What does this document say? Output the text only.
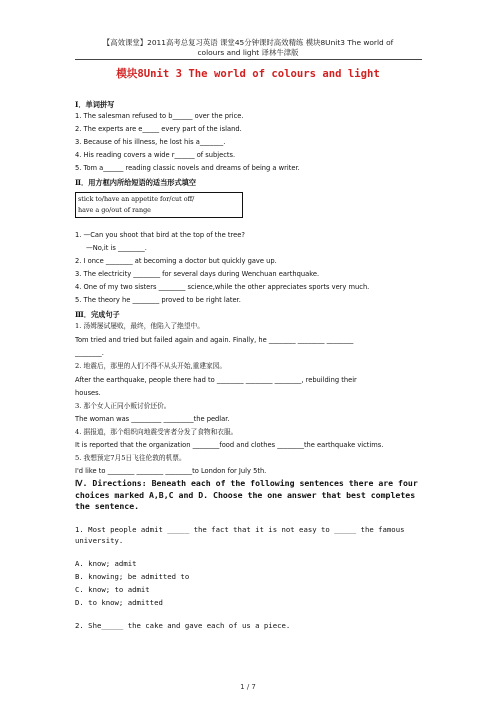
【高效课堂】2011高考总复习英语 课堂45分钟课时高效精练 模块8Unit3 The world of
colours and light 译林牛津版
模块8Unit 3 The world of colours and light
Ⅰ．单词拼写
1. The salesman refused to b______ over the price.
2. The experts are e_____ every part of the island.
3. Because of his illness, he lost his a_______.
4. His reading covers a wide r______ of subjects.
5. Tom a______ reading classic novels and dreams of being a writer.
Ⅱ．用方框内所给短语的适当形式填空
stick to/have an appetite for/cut off/
have a go/out of range
1. —Can you shoot that bird at the top of the tree?
—No,it is ________.
2. I once ________ at becoming a doctor but quickly gave up.
3. The electricity ________ for several days during Wenchuan earthquake.
4. One of my two sisters ________ science,while the other appreciates sports very much.
5. The theory he ________ proved to be right later.
Ⅲ．完成句子
1. 汤姆屡试屡败，最终，他陷入了绝望中。
Tom tried and tried but failed again and again. Finally, he ________ ________ ________
________.
2. 地震后，那里的人们不得不从头开始,重建家园。
After the earthquake, people there had to ________ ________ ________, rebuilding their
houses.
3. 那个女人正同小贩讨价还价。
The woman was _________ _________the pedlar.
4. 据报道，那个组织向地震受害者分发了食物和衣服。
It is reported that the organization ________food and clothes ________the earthquake victims.
5. 我想预定7月5日飞往伦敦的机票。
I'd like to ________ ________ ________to London for July 5th.
Ⅳ. Directions: Beneath each of the following sentences there are four choices marked A,B,C and D. Choose the one answer that best completes the sentence.
1. Most people admit _____ the fact that it is not easy to _____ the famous university.
A. know; admit
B. knowing; be admitted to
C. know; to admit
D. to know; admitted
2. She_____ the cake and gave each of us a piece.
1 / 7
